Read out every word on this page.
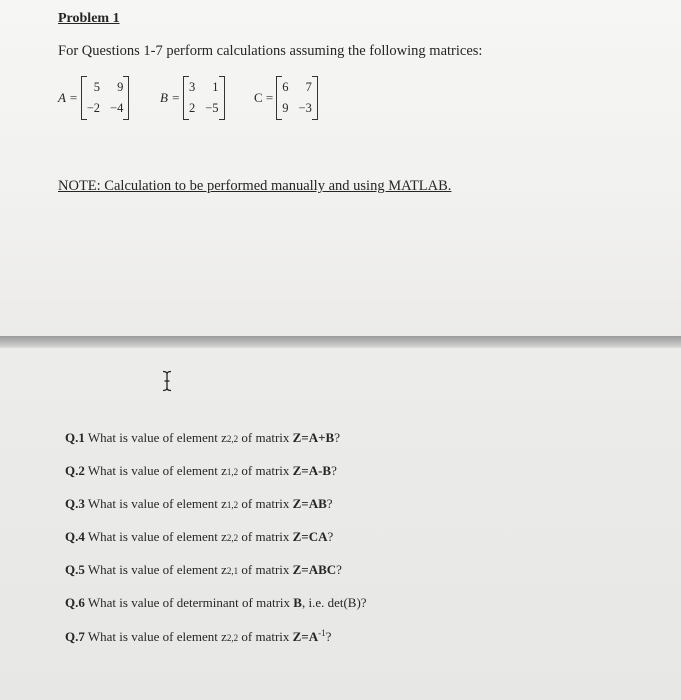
Problem 1
For Questions 1-7 perform calculations assuming the following matrices:
A =
5	9
−2 −4
B =
3	1
2 −5
C =
6	7
9 −3
NOTE: Calculation to be performed manually and using MATLAB.
Q.1 What is value of element z2,2 of matrix Z=A+B?
Q.2 What is value of element z1,2 of matrix Z=A-B?
Q.3 What is value of element z1,2 of matrix Z=AB?
Q.4 What is value of element z2,2 of matrix Z=CA?
Q.5 What is value of element z2,1 of matrix Z=ABC?
Q.6 What is value of determinant of matrix B, i.e. det(B)?
Q.7 What is value of element z2,2 of matrix $Z=A^{-1}$?
